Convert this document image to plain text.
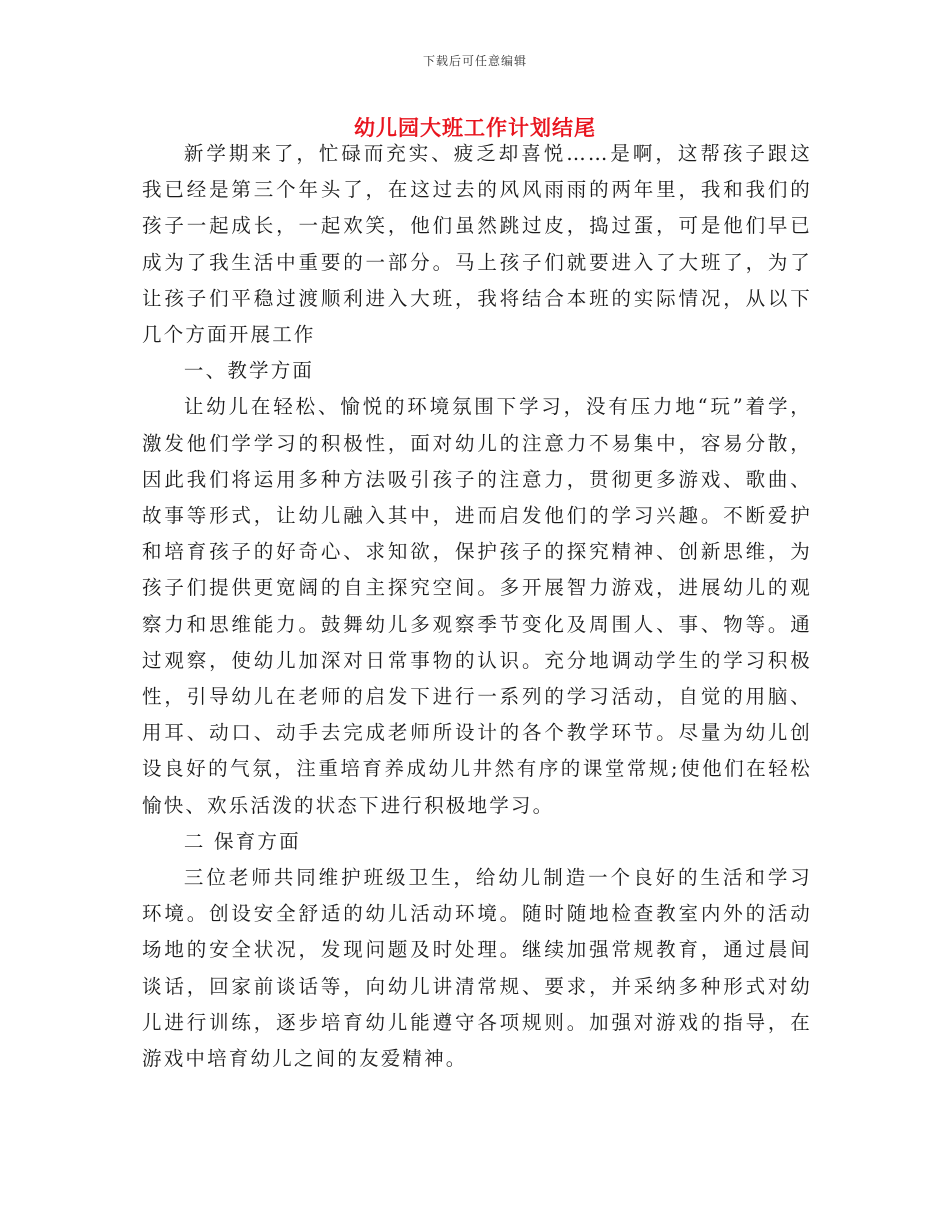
下载后可任意编辑
幼儿园大班工作计划结尾

新学期来了，忙碌而充实、疲乏却喜悦……是啊，这帮孩子跟这我已经是第三个年头了，在这过去的风风雨雨的两年里，我和我们的孩子一起成长，一起欢笑，他们虽然跳过皮，捣过蛋，可是他们早已成为了我生活中重要的一部分。马上孩子们就要进入了大班了，为了让孩子们平稳过渡顺利进入大班，我将结合本班的实际情况，从以下几个方面开展工作

一、教学方面

让幼儿在轻松、愉悦的环境氛围下学习，没有压力地“玩”着学，激发他们学学习的积极性，面对幼儿的注意力不易集中，容易分散，因此我们将运用多种方法吸引孩子的注意力，贯彻更多游戏、歌曲、故事等形式，让幼儿融入其中，进而启发他们的学习兴趣。不断爱护和培育孩子的好奇心、求知欲，保护孩子的探究精神、创新思维，为孩子们提供更宽阔的自主探究空间。多开展智力游戏，进展幼儿的观察力和思维能力。鼓舞幼儿多观察季节变化及周围人、事、物等。通过观察，使幼儿加深对日常事物的认识。充分地调动学生的学习积极性，引导幼儿在老师的启发下进行一系列的学习活动，自觉的用脑、用耳、动口、动手去完成老师所设计的各个教学环节。尽量为幼儿创设良好的气氛，注重培育养成幼儿井然有序的课堂常规;使他们在轻松愉快、欢乐活泼的状态下进行积极地学习。

二 保育方面

三位老师共同维护班级卫生，给幼儿制造一个良好的生活和学习环境。创设安全舒适的幼儿活动环境。随时随地检查教室内外的活动场地的安全状况，发现问题及时处理。继续加强常规教育，通过晨间谈话，回家前谈话等，向幼儿讲清常规、要求，并采纳多种形式对幼儿进行训练，逐步培育幼儿能遵守各项规则。加强对游戏的指导，在游戏中培育幼儿之间的友爱精神。
